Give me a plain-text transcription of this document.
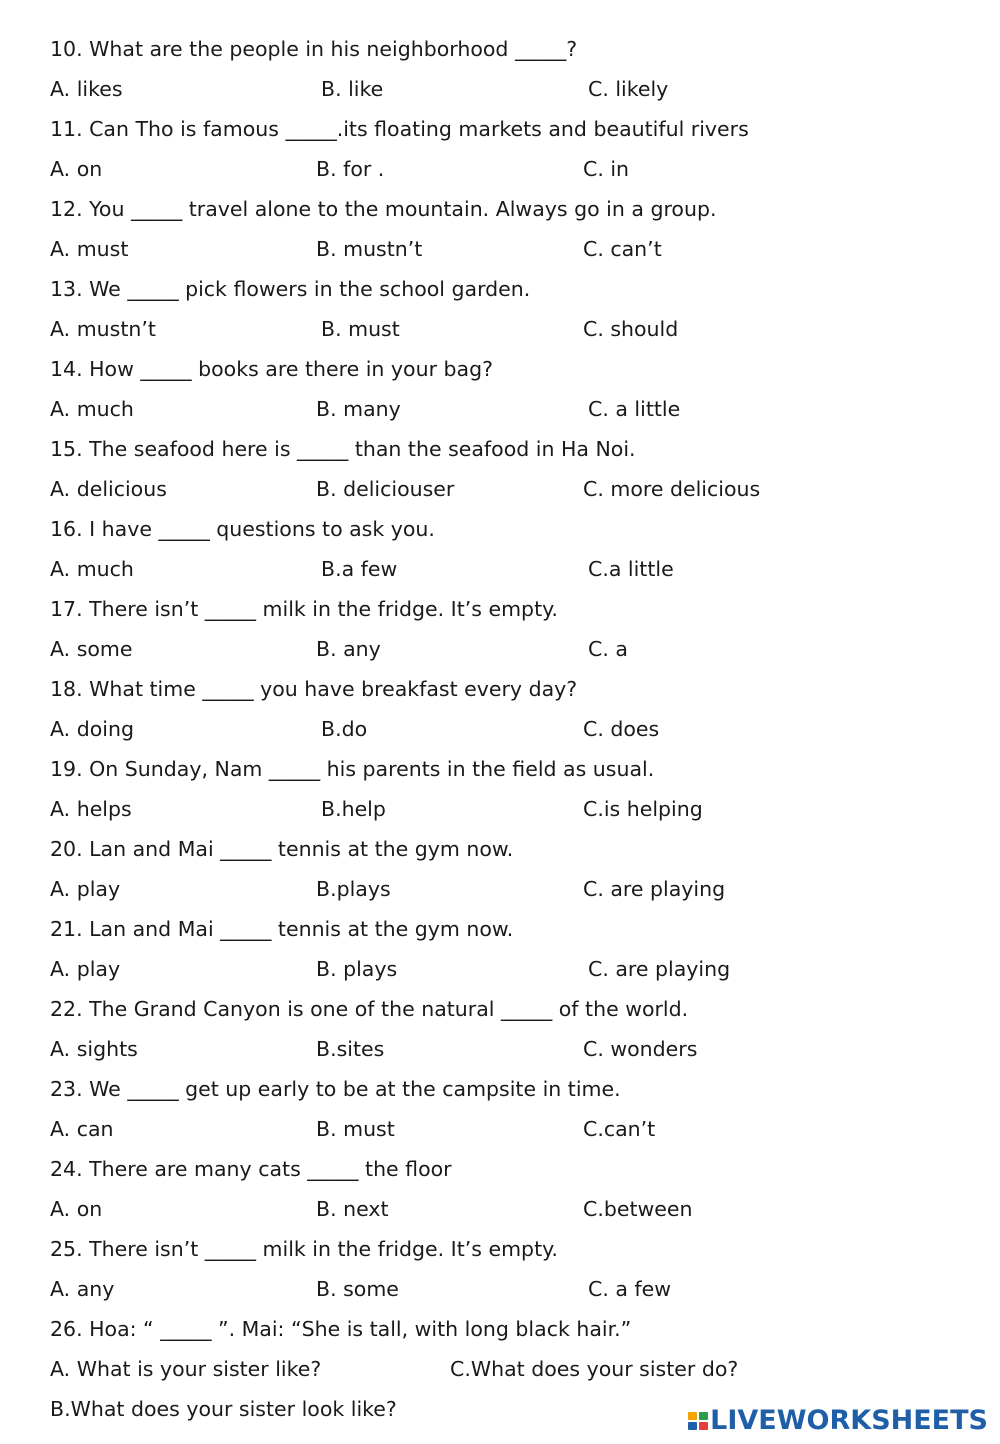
10. What are the people in his neighborhood _____?
A. likes	B. like	C. likely
11. Can Tho is famous _____.its floating markets and beautiful rivers
A. on	B. for .	C. in
12. You _____ travel alone to the mountain. Always go in a group.
A. must	B. mustn’t	C. can’t
13. We _____ pick flowers in the school garden.
A. mustn’t	B. must	C. should
14. How _____ books are there in your bag?
A. much	B. many	C. a little
15. The seafood here is _____ than the seafood in Ha Noi.
A. delicious	B. deliciouser	C. more delicious
16. I have _____ questions to ask you.
A. much	B.a few	C.a little
17. There isn’t _____ milk in the fridge. It’s empty.
A. some	B. any	C. a
18. What time _____ you have breakfast every day?
A. doing	B.do	C. does
19. On Sunday, Nam _____ his parents in the field as usual.
A. helps	B.help	C.is helping
20. Lan and Mai _____ tennis at the gym now.
A. play	B.plays	C. are playing
21. Lan and Mai _____ tennis at the gym now.
A. play	B. plays	C. are playing
22. The Grand Canyon is one of the natural _____ of the world.
A. sights	B.sites	C. wonders
23. We _____ get up early to be at the campsite in time.
A. can	B. must	C.can’t
24. There are many cats _____ the floor
A. on	B. next	C.between
25. There isn’t _____ milk in the fridge. It’s empty.
A. any	B. some	C. a few
26. Hoa: “ _____ ”. Mai: “She is tall, with long black hair.”
A. What is your sister like?	C.What does your sister do?
B.What does your sister look like?	LIVEWORKSHEETS
